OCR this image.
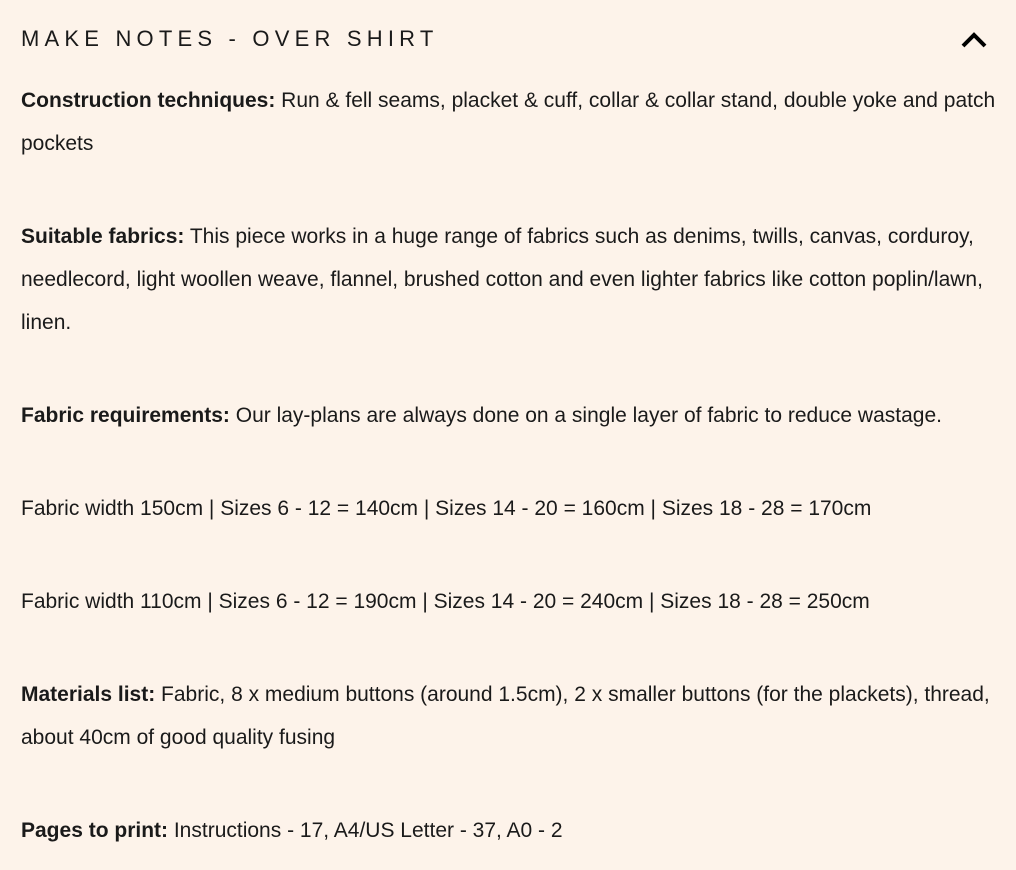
MAKE NOTES - OVER SHIRT

Construction techniques: Run & fell seams, placket & cuff, collar & collar stand, double yoke and patch pockets

Suitable fabrics: This piece works in a huge range of fabrics such as denims, twills, canvas, corduroy, needlecord, light woollen weave, flannel, brushed cotton and even lighter fabrics like cotton poplin/lawn, linen.

Fabric requirements: Our lay-plans are always done on a single layer of fabric to reduce wastage.

Fabric width 150cm | Sizes 6 - 12 = 140cm | Sizes 14 - 20 = 160cm | Sizes 18 - 28 = 170cm

Fabric width 110cm | Sizes 6 - 12 = 190cm | Sizes 14 - 20 = 240cm | Sizes 18 - 28 = 250cm

Materials list: Fabric, 8 x medium buttons (around 1.5cm), 2 x smaller buttons (for the plackets), thread, about 40cm of good quality fusing

Pages to print: Instructions - 17, A4/US Letter - 37, A0 - 2
